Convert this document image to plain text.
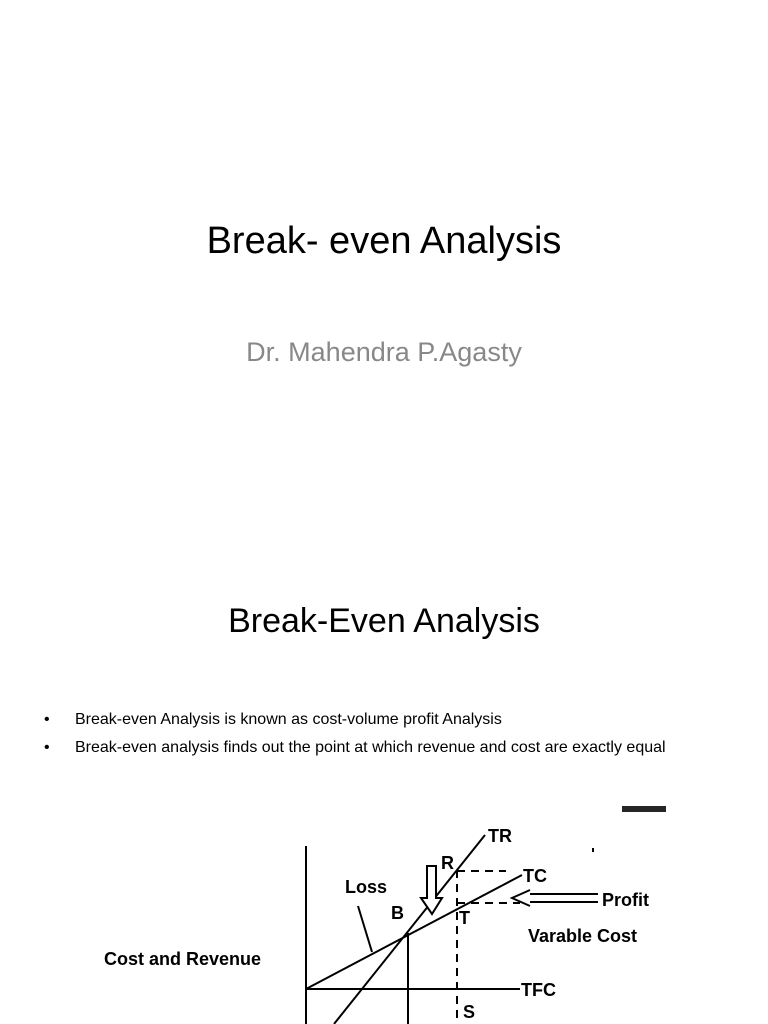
Break- even Analysis
Dr. Mahendra P.Agasty
Break-Even Analysis
• Break-even Analysis is known as cost-volume profit Analysis
• Break-even analysis finds out the point at which revenue and cost are exactly equal
TR
TC
TFC
R
T
S
B
Loss
Profit
Varable Cost
Cost and Revenue
